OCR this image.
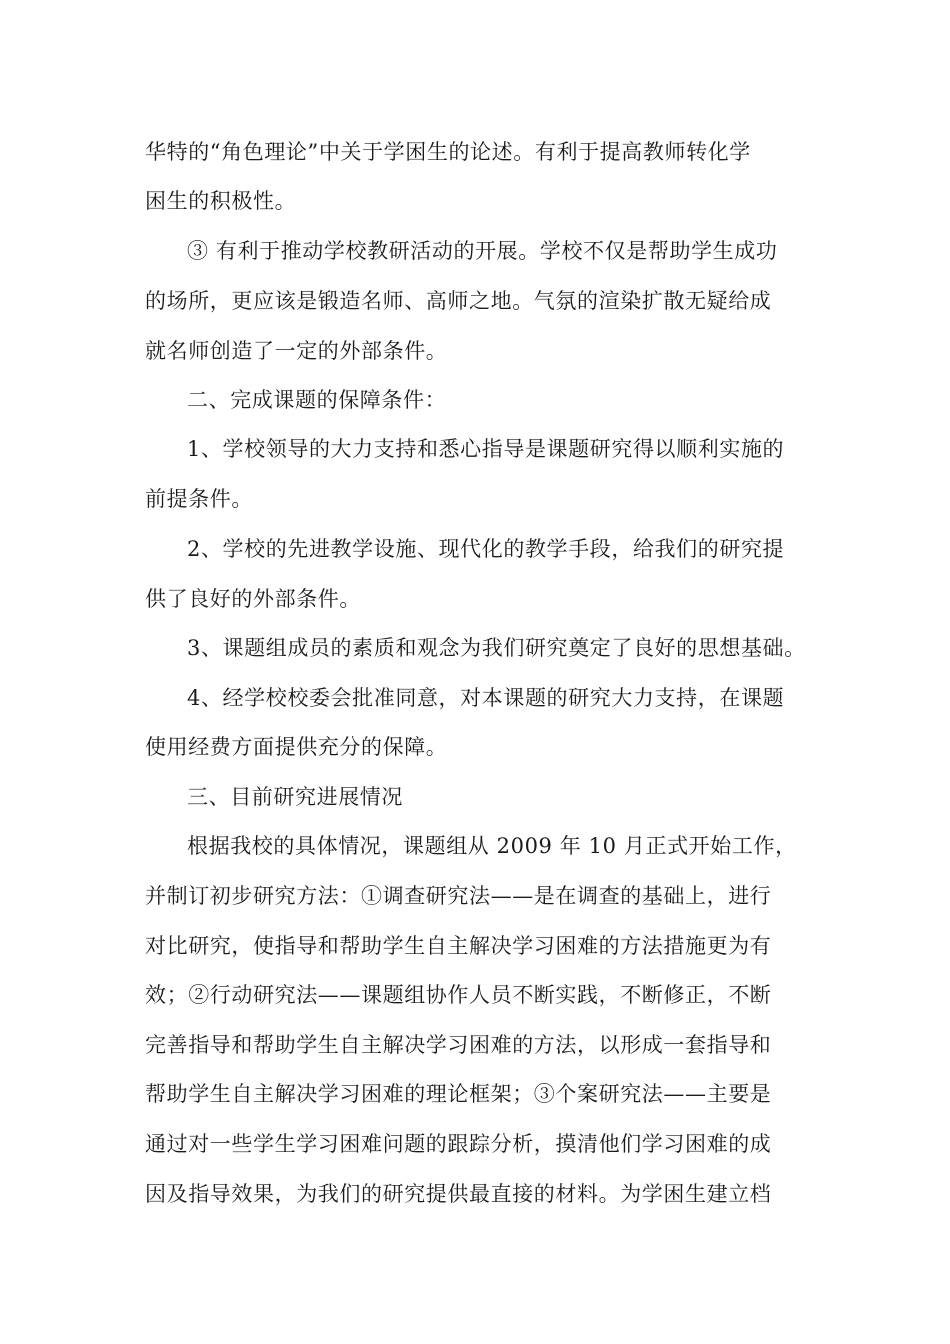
华特的“角色理论”中关于学困生的论述。有利于提高教师转化学
困生的积极性。
③ 有利于推动学校教研活动的开展。学校不仅是帮助学生成功
的场所，更应该是锻造名师、高师之地。气氛的渲染扩散无疑给成
就名师创造了一定的外部条件。
二、完成课题的保障条件：
1、学校领导的大力支持和悉心指导是课题研究得以顺利实施的
前提条件。
2、学校的先进教学设施、现代化的教学手段，给我们的研究提
供了良好的外部条件。
3、课题组成员的素质和观念为我们研究奠定了良好的思想基础。
4、经学校校委会批准同意，对本课题的研究大力支持，在课题
使用经费方面提供充分的保障。
三、目前研究进展情况
根据我校的具体情况，课题组从 2009 年 10 月正式开始工作，
并制订初步研究方法：①调查研究法——是在调查的基础上，进行
对比研究，使指导和帮助学生自主解决学习困难的方法措施更为有
效；②行动研究法——课题组协作人员不断实践，不断修正，不断
完善指导和帮助学生自主解决学习困难的方法，以形成一套指导和
帮助学生自主解决学习困难的理论框架；③个案研究法——主要是
通过对一些学生学习困难问题的跟踪分析，摸清他们学习困难的成
因及指导效果，为我们的研究提供最直接的材料。为学困生建立档
